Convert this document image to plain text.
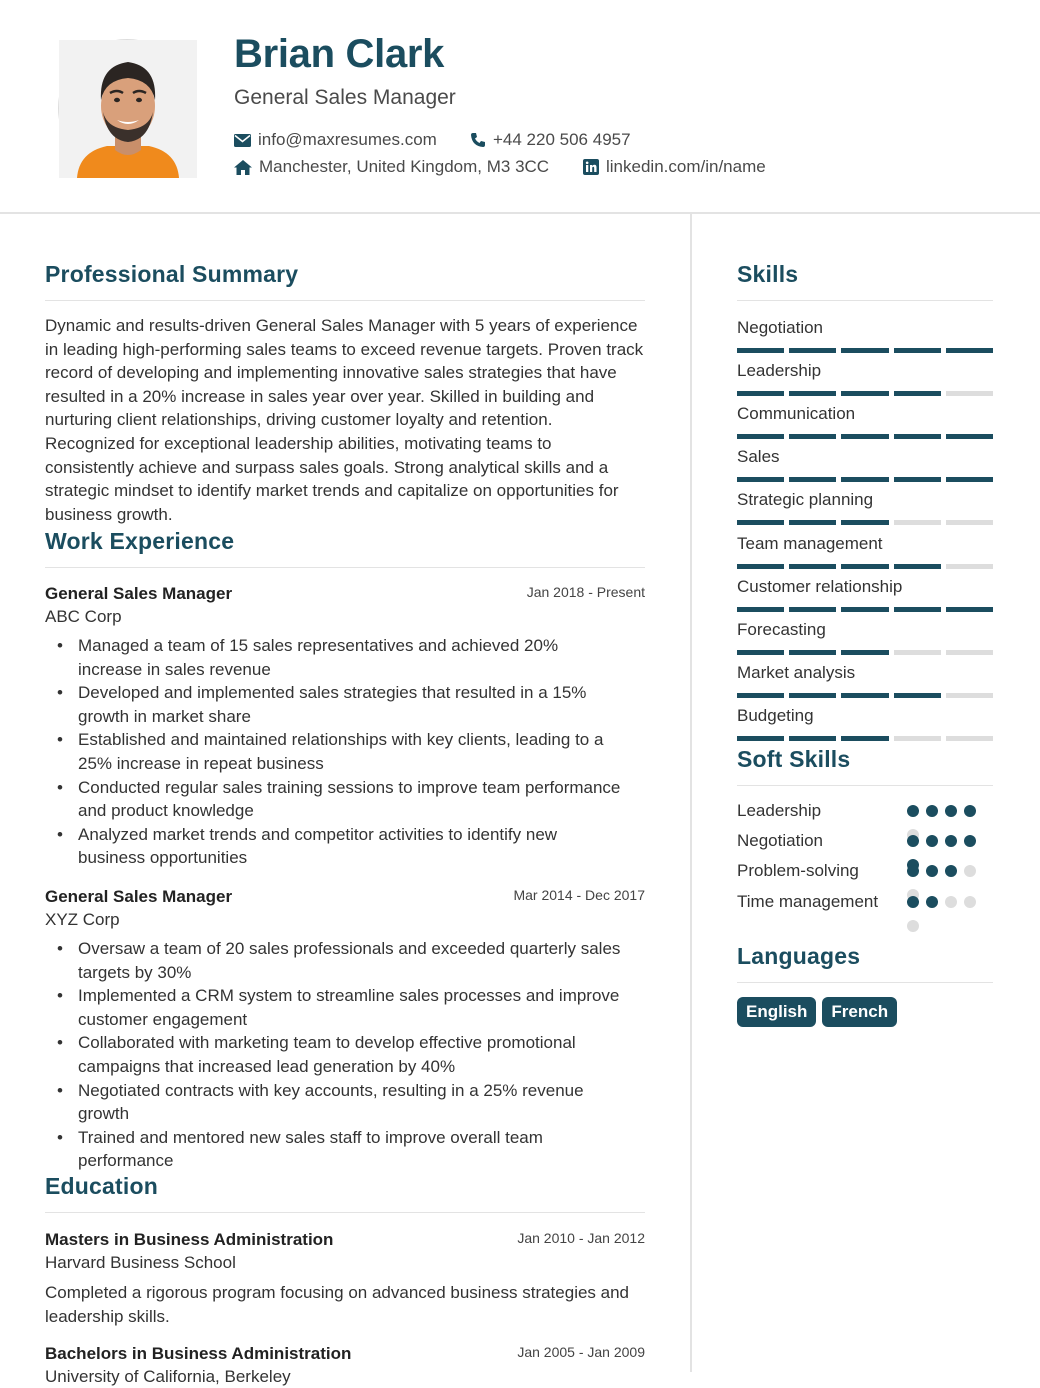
Brian Clark
General Sales Manager
info@maxresumes.com	+44 220 506 4957
Manchester, United Kingdom, M3 3CC	linkedin.com/in/name
Professional Summary
Dynamic and results-driven General Sales Manager with 5 years of experience in leading high-performing sales teams to exceed revenue targets. Proven track record of developing and implementing innovative sales strategies that have resulted in a 20% increase in sales year over year. Skilled in building and nurturing client relationships, driving customer loyalty and retention. Recognized for exceptional leadership abilities, motivating teams to consistently achieve and surpass sales goals. Strong analytical skills and a strategic mindset to identify market trends and capitalize on opportunities for business growth.
Work Experience
General Sales Manager	Jan 2018 - Present
ABC Corp
• Managed a team of 15 sales representatives and achieved 20% increase in sales revenue
• Developed and implemented sales strategies that resulted in a 15% growth in market share
• Established and maintained relationships with key clients, leading to a 25% increase in repeat business
• Conducted regular sales training sessions to improve team performance and product knowledge
• Analyzed market trends and competitor activities to identify new business opportunities
General Sales Manager	Mar 2014 - Dec 2017
XYZ Corp
• Oversaw a team of 20 sales professionals and exceeded quarterly sales targets by 30%
• Implemented a CRM system to streamline sales processes and improve customer engagement
• Collaborated with marketing team to develop effective promotional campaigns that increased lead generation by 40%
• Negotiated contracts with key accounts, resulting in a 25% revenue growth
• Trained and mentored new sales staff to improve overall team performance
Education
Masters in Business Administration	Jan 2010 - Jan 2012
Harvard Business School
Completed a rigorous program focusing on advanced business strategies and leadership skills.
Bachelors in Business Administration	Jan 2005 - Jan 2009
University of California, Berkeley
Skills
Negotiation
Leadership
Communication
Sales
Strategic planning
Team management
Customer relationship
Forecasting
Market analysis
Budgeting
Soft Skills
Leadership
Negotiation
Problem-solving
Time management
Languages
English	French
